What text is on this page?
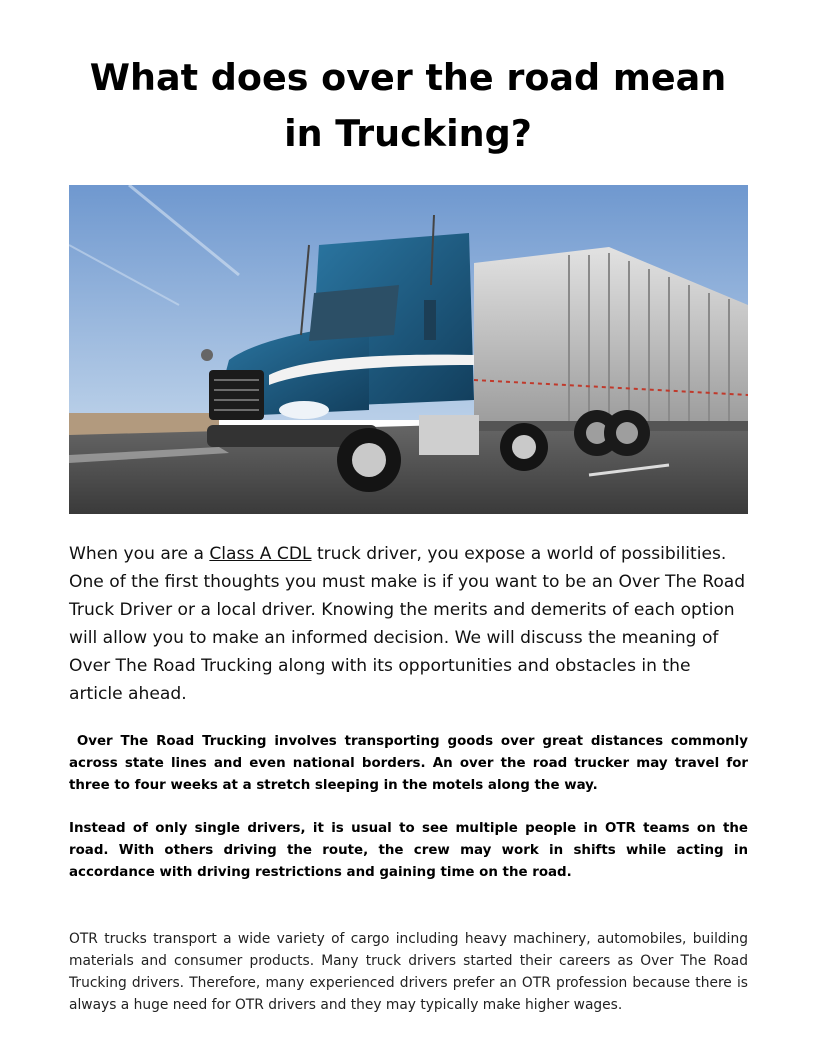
What does over the road mean in Trucking?

When you are a Class A CDL truck driver, you expose a world of possibilities. One of the first thoughts you must make is if you want to be an Over The Road Truck Driver or a local driver. Knowing the merits and demerits of each option will allow you to make an informed decision. We will discuss the meaning of Over The Road Trucking along with its opportunities and obstacles in the article ahead.

Over The Road Trucking involves transporting goods over great distances commonly across state lines and even national borders. An over the road trucker may travel for three to four weeks at a stretch sleeping in the motels along the way.

Instead of only single drivers, it is usual to see multiple people in OTR teams on the road. With others driving the route, the crew may work in shifts while acting in accordance with driving restrictions and gaining time on the road.

OTR trucks transport a wide variety of cargo including heavy machinery, automobiles, building materials and consumer products. Many truck drivers started their careers as Over The Road Trucking drivers. Therefore, many experienced drivers prefer an OTR profession because there is always a huge need for OTR drivers and they may typically make higher wages.
